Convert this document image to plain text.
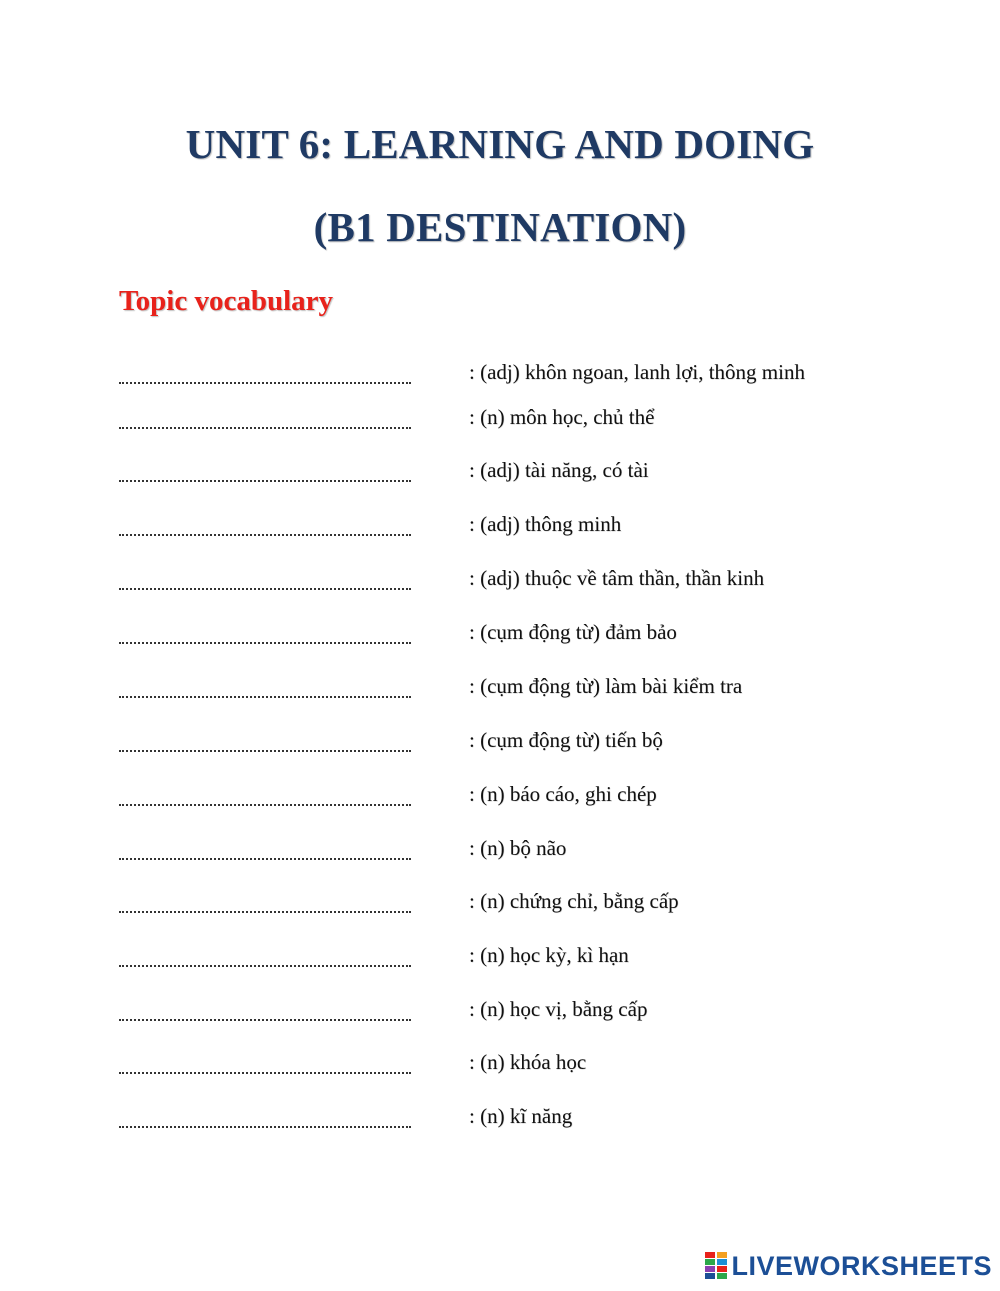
UNIT 6: LEARNING AND DOING
(B1 DESTINATION)
Topic vocabulary
: (adj) khôn ngoan, lanh lợi, thông minh
: (n) môn học, chủ thể
: (adj) tài năng, có tài
: (adj) thông minh
: (adj) thuộc về tâm thần, thần kinh
: (cụm động từ) đảm bảo
: (cụm động từ) làm bài kiểm tra
: (cụm động từ) tiến bộ
: (n) báo cáo, ghi chép
: (n) bộ não
: (n) chứng chỉ, bằng cấp
: (n) học kỳ, kì hạn
: (n) học vị, bằng cấp
: (n) khóa học
: (n) kĩ năng
LIVEWORKSHEETS
